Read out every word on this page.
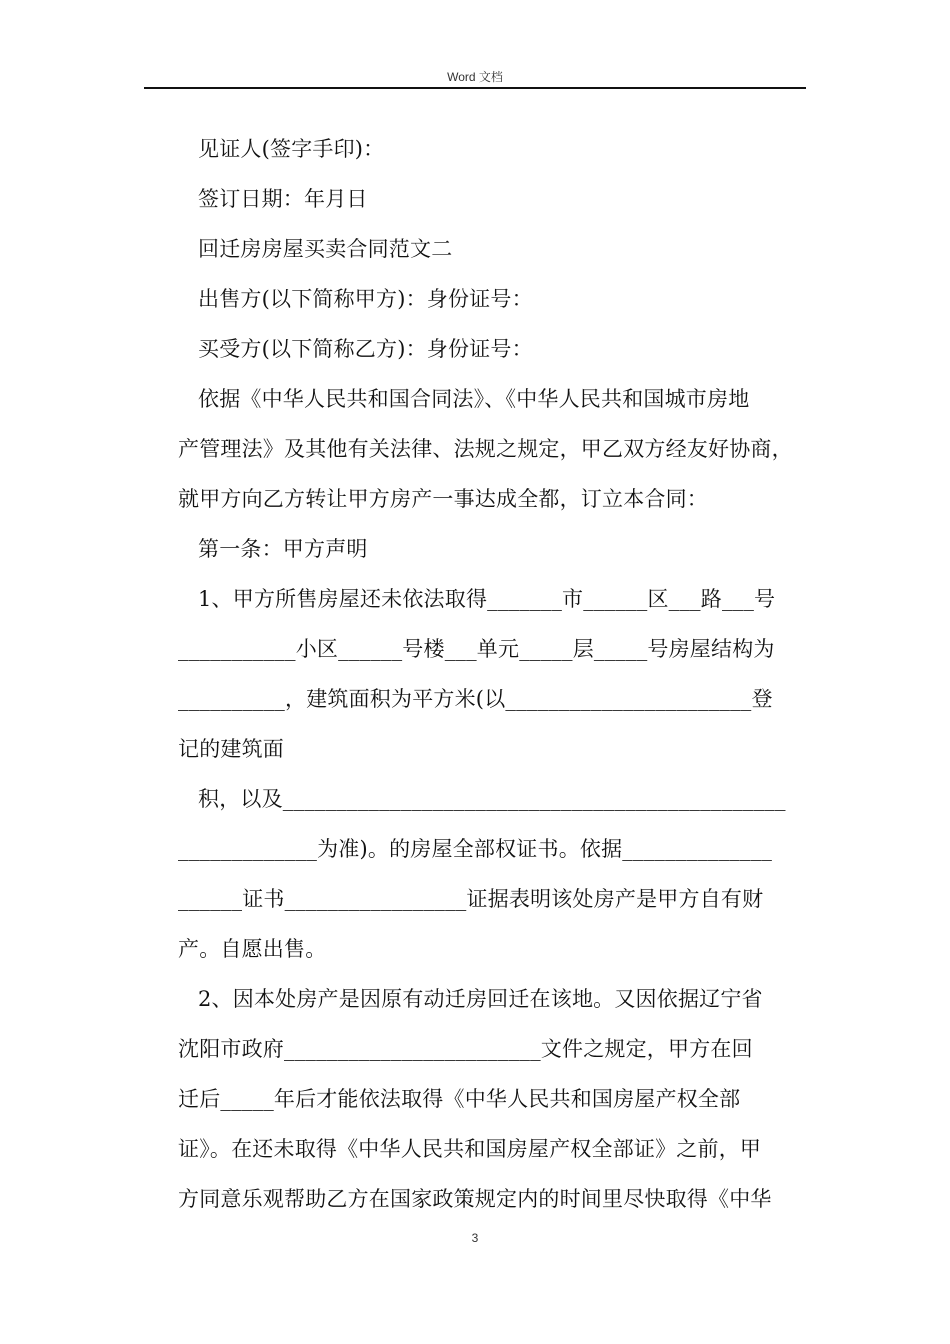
Word 文档
见证人(签字手印)：
签订日期：年月日
回迁房房屋买卖合同范文二
出售方(以下简称甲方)：身份证号：
买受方(以下简称乙方)：身份证号：
依据《中华人民共和国合同法》、《中华人民共和国城市房地
产管理法》及其他有关法律、法规之规定，甲乙双方经友好协商，
就甲方向乙方转让甲方房产一事达成全都，订立本合同：
第一条：甲方声明
1、甲方所售房屋还未依法取得_______市______区___路___号
___________小区______号楼___单元_____层_____号房屋结构为
__________，建筑面积为平方米(以_______________________登
记的建筑面
积，以及_______________________________________________
_____________为准)。的房屋全部权证书。依据______________
______证书_________________证据表明该处房产是甲方自有财
产。自愿出售。
2、因本处房产是因原有动迁房回迁在该地。又因依据辽宁省
沈阳市政府________________________文件之规定，甲方在回
迁后_____年后才能依法取得《中华人民共和国房屋产权全部
证》。在还未取得《中华人民共和国房屋产权全部证》之前，甲
方同意乐观帮助乙方在国家政策规定内的时间里尽快取得《中华
3
